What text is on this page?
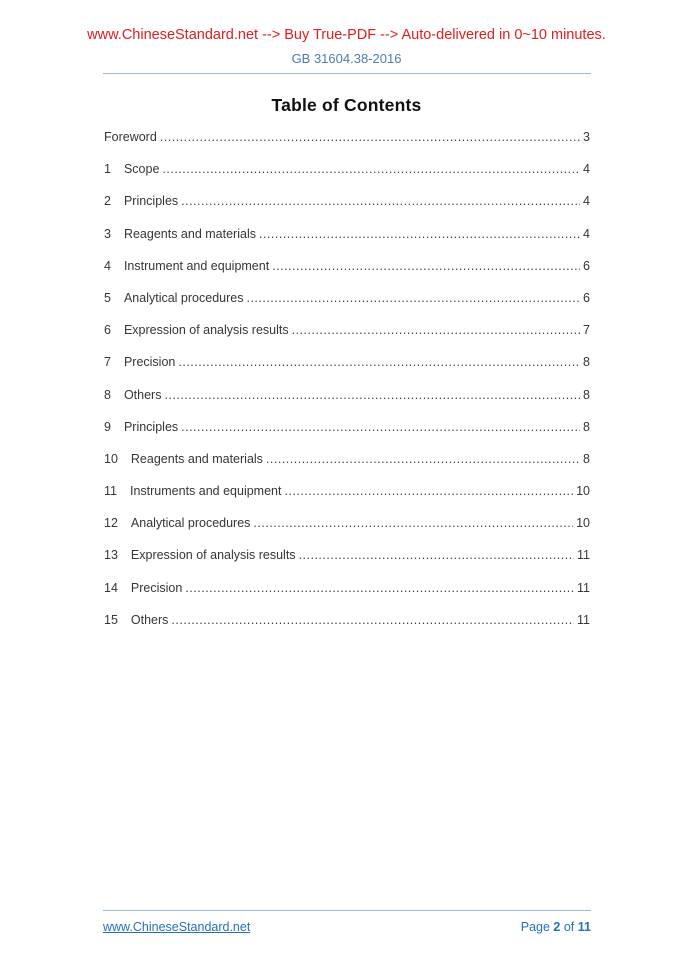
www.ChineseStandard.net --> Buy True-PDF --> Auto-delivered in 0~10 minutes.
GB 31604.38-2016
Table of Contents
Foreword .....	3
1 Scope .....	4
2 Principles .....	4
3 Reagents and materials .....	4
4 Instrument and equipment .....	6
5 Analytical procedures .....	6
6 Expression of analysis results .....	7
7 Precision .....	8
8 Others .....	8
9 Principles .....	8
10 Reagents and materials .....	8
11 Instruments and equipment .....	10
12 Analytical procedures .....	10
13 Expression of analysis results .....	11
14 Precision .....	11
15 Others .....	11
www.ChineseStandard.net	Page 2 of 11
